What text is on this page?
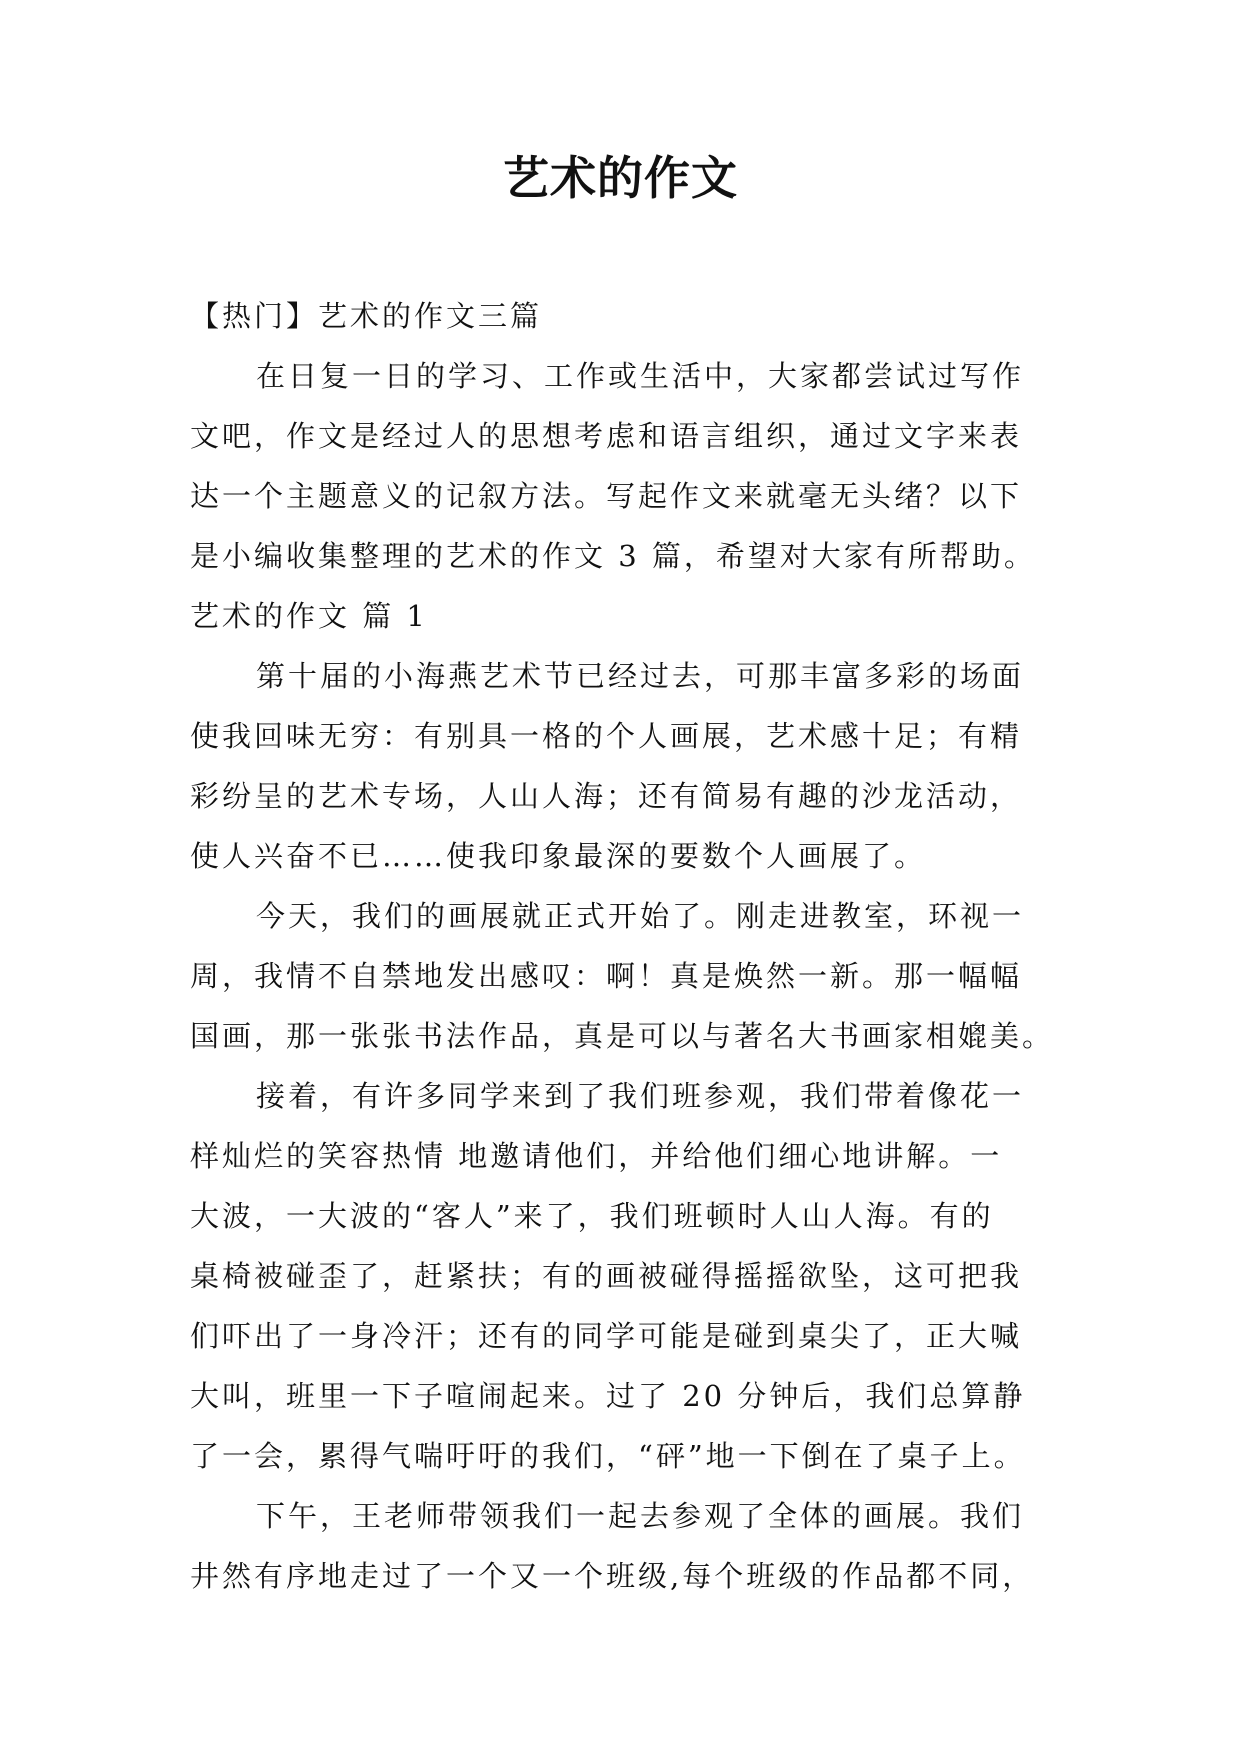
艺术的作文
【热门】艺术的作文三篇
在日复一日的学习、工作或生活中，大家都尝试过写作
文吧，作文是经过人的思想考虑和语言组织，通过文字来表
达一个主题意义的记叙方法。写起作文来就毫无头绪？以下
是小编收集整理的艺术的作文 3 篇，希望对大家有所帮助。
艺术的作文 篇 1
第十届的小海燕艺术节已经过去，可那丰富多彩的场面
使我回味无穷：有别具一格的个人画展，艺术感十足；有精
彩纷呈的艺术专场，人山人海；还有简易有趣的沙龙活动，
使人兴奋不已……使我印象最深的要数个人画展了。
今天，我们的画展就正式开始了。刚走进教室，环视一
周，我情不自禁地发出感叹：啊！真是焕然一新。那一幅幅
国画，那一张张书法作品，真是可以与著名大书画家相媲美。
接着，有许多同学来到了我们班参观，我们带着像花一
样灿烂的笑容热情 地邀请他们，并给他们细心地讲解。一
大波，一大波的“客人”来了，我们班顿时人山人海。有的
桌椅被碰歪了，赶紧扶；有的画被碰得摇摇欲坠，这可把我
们吓出了一身冷汗；还有的同学可能是碰到桌尖了，正大喊
大叫，班里一下子喧闹起来。过了 20 分钟后，我们总算静
了一会，累得气喘吁吁的我们，“砰”地一下倒在了桌子上。
下午，王老师带领我们一起去参观了全体的画展。我们
井然有序地走过了一个又一个班级,每个班级的作品都不同，
